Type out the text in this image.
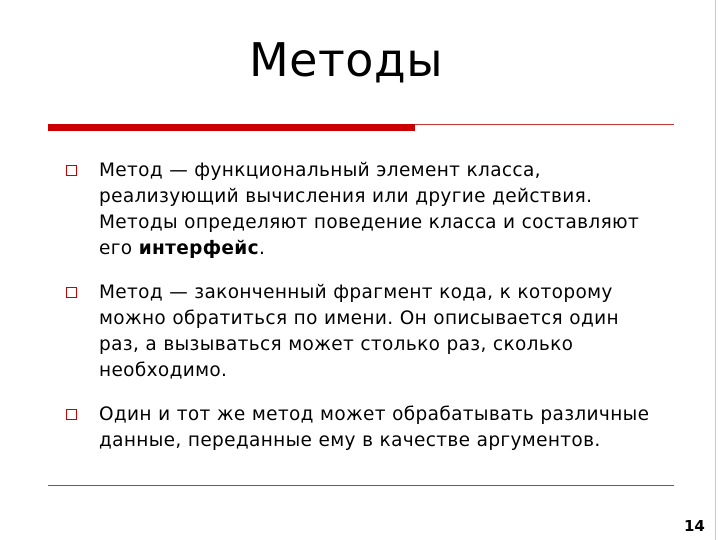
Методы
Метод — функциональный элемент класса, реализующий вычисления или другие действия. Методы определяют поведение класса и составляют его интерфейс.
Метод — законченный фрагмент кода, к которому можно обратиться по имени. Он описывается один раз, а вызываться может столько раз, сколько необходимо.
Один и тот же метод может обрабатывать различные данные, переданные ему в качестве аргументов.
14
